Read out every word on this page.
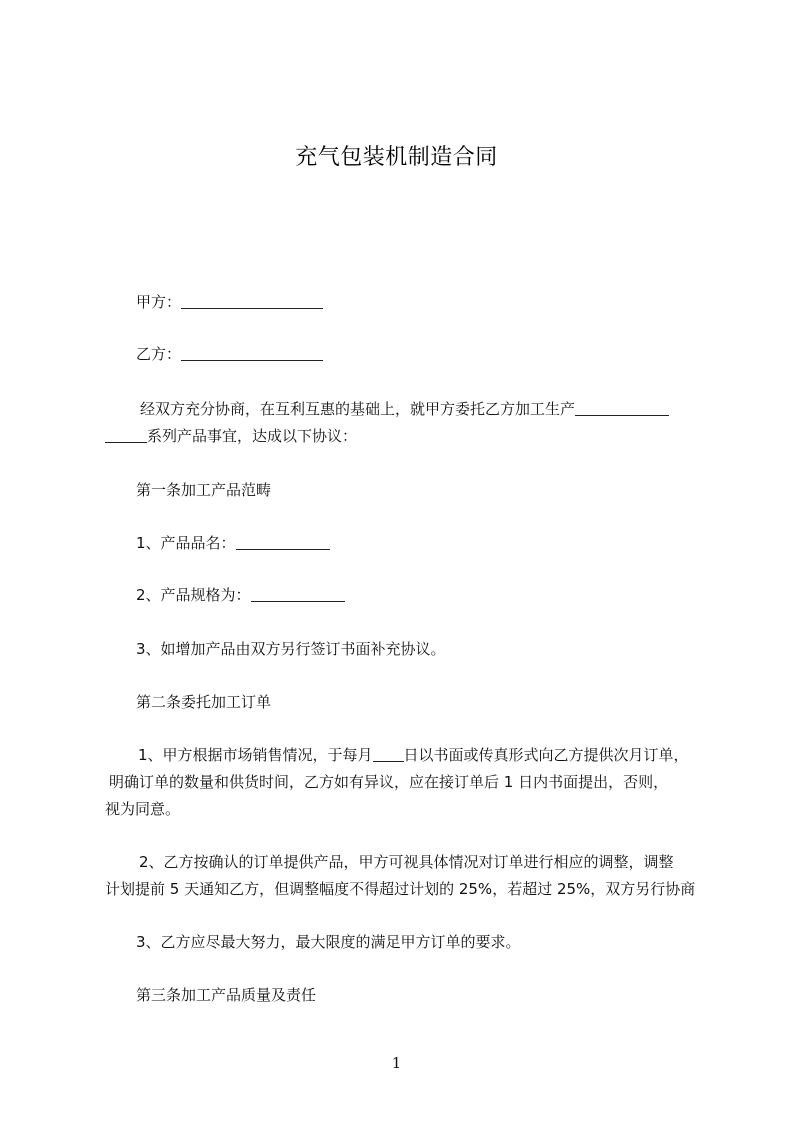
充气包装机制造合同
甲方：
乙方：
经双方充分协商，在互利互惠的基础上，就甲方委托乙方加工生产
系列产品事宜，达成以下协议：
第一条加工产品范畴
1、产品品名：
2、产品规格为：
3、如增加产品由双方另行签订书面补充协议。
第二条委托加工订单
1、甲方根据市场销售情况，于每月 日以书面或传真形式向乙方提供次月订单，
明确订单的数量和供货时间，乙方如有异议，应在接订单后 1 日内书面提出，否则，
视为同意。
2、乙方按确认的订单提供产品，甲方可视具体情况对订单进行相应的调整，调整
计划提前 5 天通知乙方，但调整幅度不得超过计划的 25%，若超过 25%，双方另行协商
3、乙方应尽最大努力，最大限度的满足甲方订单的要求。
第三条加工产品质量及责任
1
